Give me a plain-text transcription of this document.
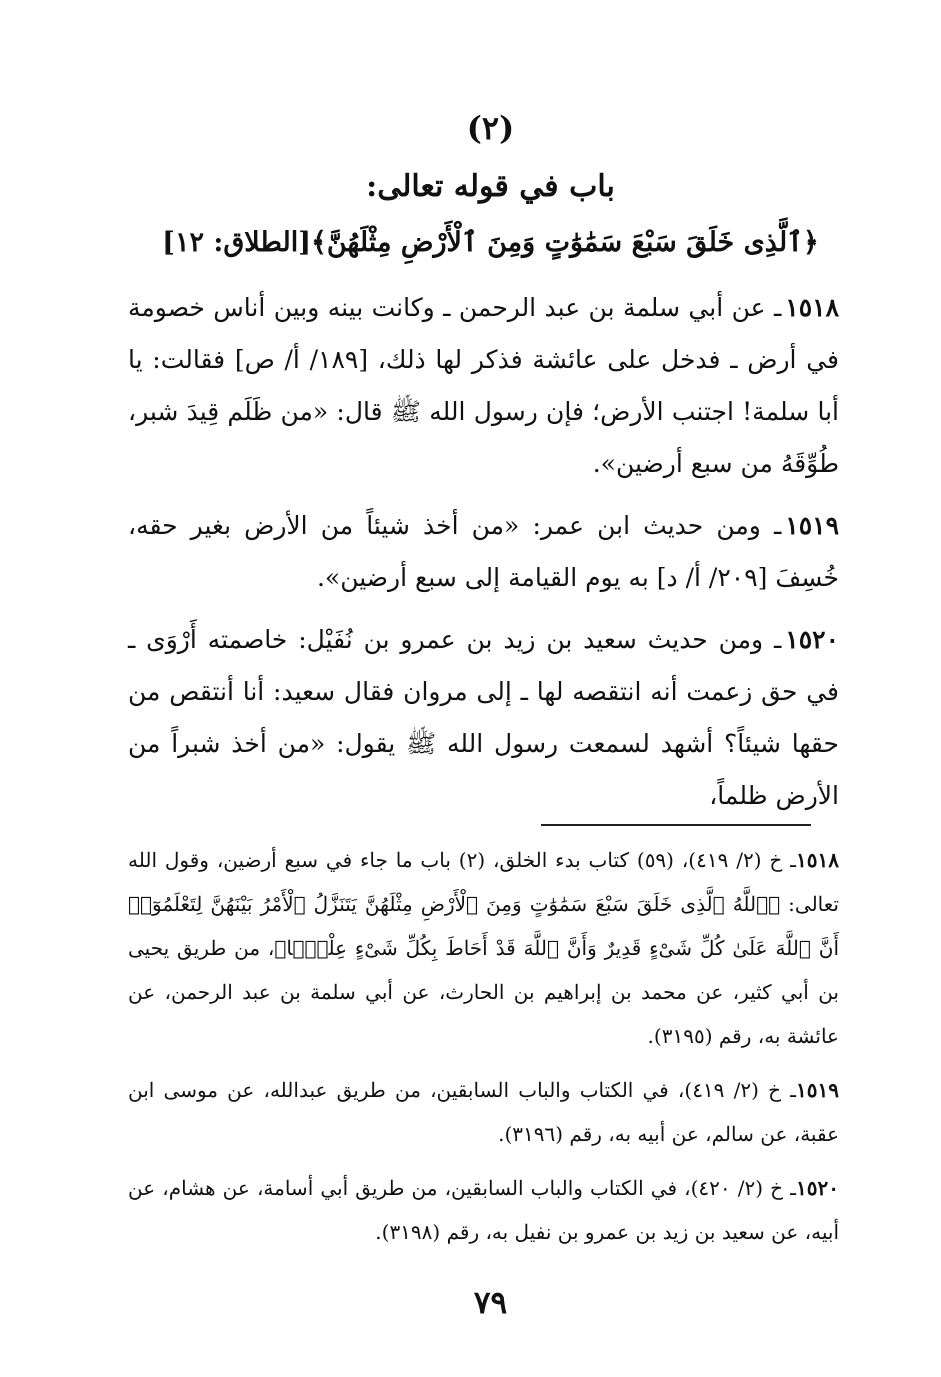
(٢)
باب في قوله تعالى:
﴿ٱلَّذِى خَلَقَ سَبْعَ سَمَٰوَٰتٍ وَمِنَ ٱلْأَرْضِ مِثْلَهُنَّ﴾[الطلاق: ١٢]

١٥١٨ـ عن أبي سلمة بن عبد الرحمن ـ وكانت بينه وبين أناس خصومة في أرض ـ فدخل على عائشة فذكر لها ذلك، [١٨٩/ أ/ ص] فقالت: يا أبا سلمة! اجتنب الأرض؛ فإن رسول الله ﷺ قال: «من ظَلَم قِيدَ شبر، طُوِّقَهُ من سبع أرضين».

١٥١٩ـ ومن حديث ابن عمر: «من أخذ شيئاً من الأرض بغير حقه، خُسِفَ [٢٠٩/ أ/ د] به يوم القيامة إلى سبع أرضين».

١٥٢٠ـ ومن حديث سعيد بن زيد بن عمرو بن نُفَيْل: خاصمته أَرْوَى ـ في حق زعمت أنه انتقصه لها ـ إلى مروان فقال سعيد: أنا أنتقص من حقها شيئاً؟ أشهد لسمعت رسول الله ﷺ يقول: «من أخذ شبراً من الأرض ظلماً،

١٥١٨ـ خ (٢/ ٤١٩)، (٥٩) كتاب بدء الخلق، (٢) باب ما جاء في سبع أرضين، وقول الله تعالى: ﴿ٱللَّهُ ٱلَّذِى خَلَقَ سَبْعَ سَمَٰوَٰتٍ وَمِنَ ٱلْأَرْضِ مِثْلَهُنَّ يَتَنَزَّلُ ٱلْأَمْرُ بَيْنَهُنَّ لِتَعْلَمُوٓا۟ أَنَّ ٱللَّهَ عَلَىٰ كُلِّ شَىْءٍ قَدِيرٌ وَأَنَّ ٱللَّهَ قَدْ أَحَاطَ بِكُلِّ شَىْءٍ عِلْمًۢا﴾، من طريق يحيى بن أبي كثير، عن محمد بن إبراهيم بن الحارث، عن أبي سلمة بن عبد الرحمن، عن عائشة به، رقم (٣١٩٥).

١٥١٩ـ خ (٢/ ٤١٩)، في الكتاب والباب السابقين، من طريق عبدالله، عن موسى ابن عقبة، عن سالم، عن أبيه به، رقم (٣١٩٦).

١٥٢٠ـ خ (٢/ ٤٢٠)، في الكتاب والباب السابقين، من طريق أبي أسامة، عن هشام، عن أبيه، عن سعيد بن زيد بن عمرو بن نفيل به، رقم (٣١٩٨).

٧٩
